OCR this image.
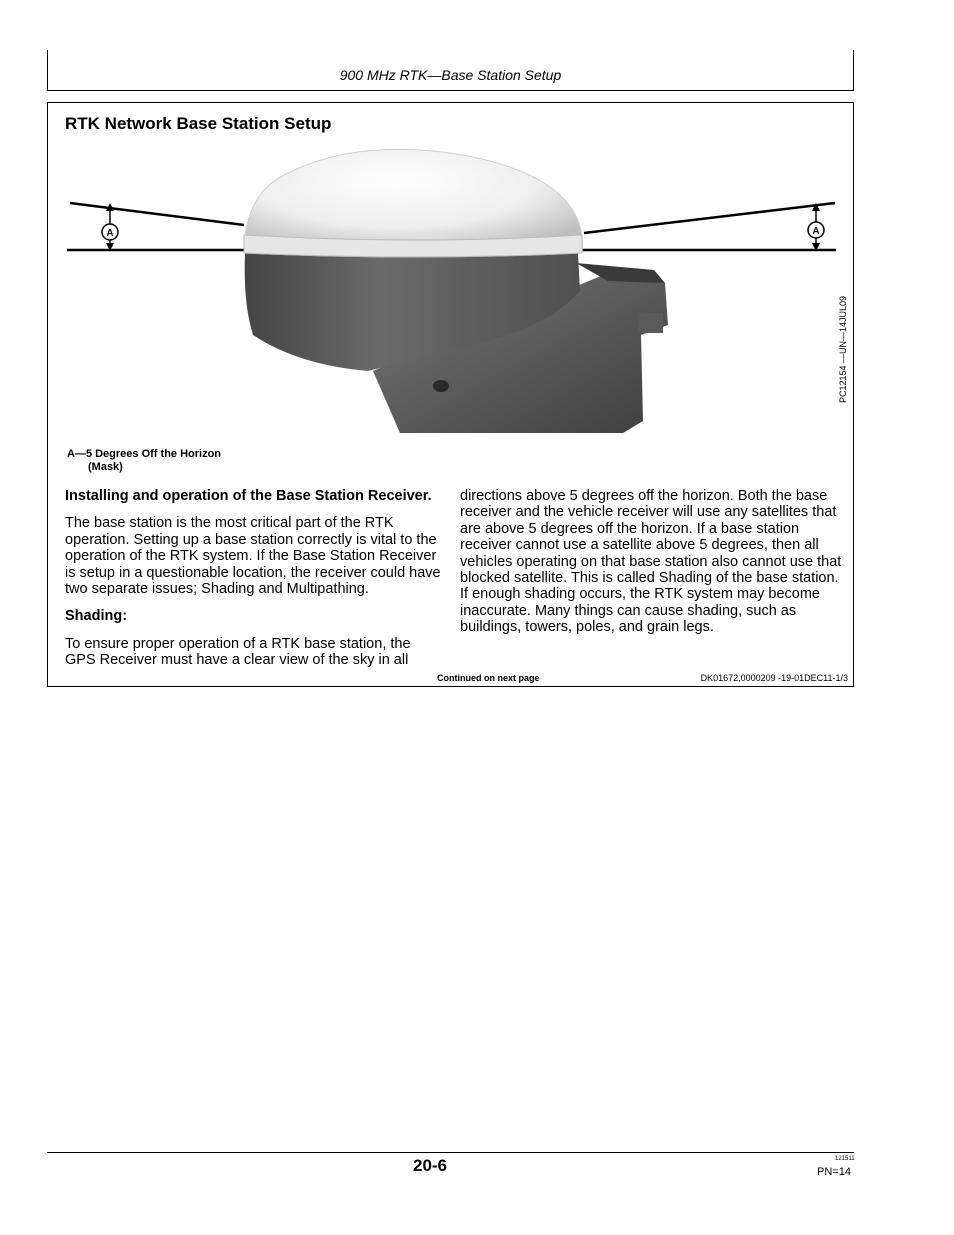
900 MHz RTK—Base Station Setup
RTK Network Base Station Setup
A	A
PC12154 —UN—14JUL09
A—5 Degrees Off the Horizon
(Mask)

Installing and operation of the Base Station Receiver.

The base station is the most critical part of the RTK operation. Setting up a base station correctly is vital to the operation of the RTK system. If the Base Station Receiver is setup in a questionable location, the receiver could have two separate issues; Shading and Multipathing.

Shading:

To ensure proper operation of a RTK base station, the GPS Receiver must have a clear view of the sky in all

directions above 5 degrees off the horizon. Both the base receiver and the vehicle receiver will use any satellites that are above 5 degrees off the horizon. If a base station receiver cannot use a satellite above 5 degrees, then all vehicles operating on that base station also cannot use that blocked satellite. This is called Shading of the base station. If enough shading occurs, the RTK system may become inaccurate. Many things can cause shading, such as buildings, towers, poles, and grain legs.

Continued on next page	DK01672,0000209 -19-01DEC11-1/3
20-6	121511
PN=14
